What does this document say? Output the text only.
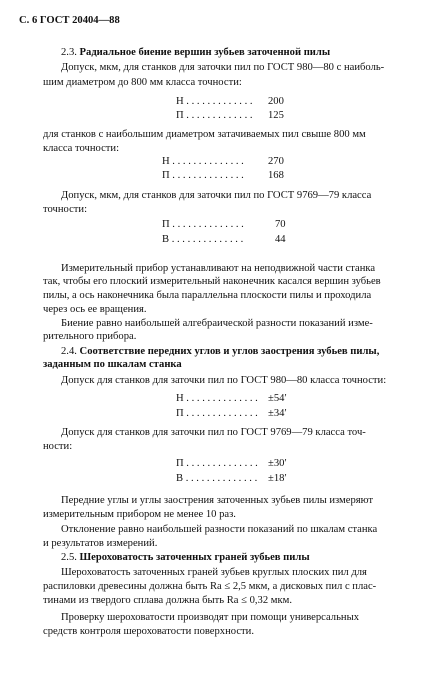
С. 6 ГОСТ 20404—88
2.3. Радиальное биение вершин зубьев заточенной пилы
Допуск, мкм, для станков для заточки пил по ГОСТ 980—80 с наиболь-
шим диаметром до 800 мм класса точности:
Н . . . . . . . . . . . . . 200
П . . . . . . . . . . . . . 125
для станков с наибольшим диаметром затачиваемых пил свыше 800 мм
класса точности:
Н . . . . . . . . . . . . . . 270
П . . . . . . . . . . . . . . 168
Допуск, мкм, для станков для заточки пил по ГОСТ 9769—79 класса
точности:
П . . . . . . . . . . . . . .	70
В . . . . . . . . . . . . . .	44
Измерительный прибор устанавливают на неподвижной части станка
так, чтобы его плоский измерительный наконечник касался вершин зубьев
пилы, а ось наконечника была параллельна плоскости пилы и проходила
через ось ее вращения.
Биение равно наибольшей алгебраической разности показаний изме-
рительного прибора.
2.4. Соответствие передних углов и углов заострения зубьев пилы,
заданным по шкалам станка
Допуск для станков для заточки пил по ГОСТ 980—80 класса точности:
Н . . . . . . . . . . . . . . ±54′
П . . . . . . . . . . . . . . ±34′
Допуск для станков для заточки пил по ГОСТ 9769—79 класса точ-
ности:
П . . . . . . . . . . . . . . ±30′
В . . . . . . . . . . . . . . ±18′
Передние углы и углы заострения заточенных зубьев пилы измеряют
измерительным прибором не менее 10 раз.
Отклонение равно наибольшей разности показаний по шкалам станка
и результатов измерений.
2.5. Шероховатость заточенных граней зубьев пилы
Шероховатость заточенных граней зубьев круглых плоских пил для
распиловки древесины должна быть Ra ≤ 2,5 мкм, а дисковых пил с плас-
тинами из твердого сплава должна быть Ra ≤ 0,32 мкм.
Проверку шероховатости производят при помощи универсальных
средств контроля шероховатости поверхности.
